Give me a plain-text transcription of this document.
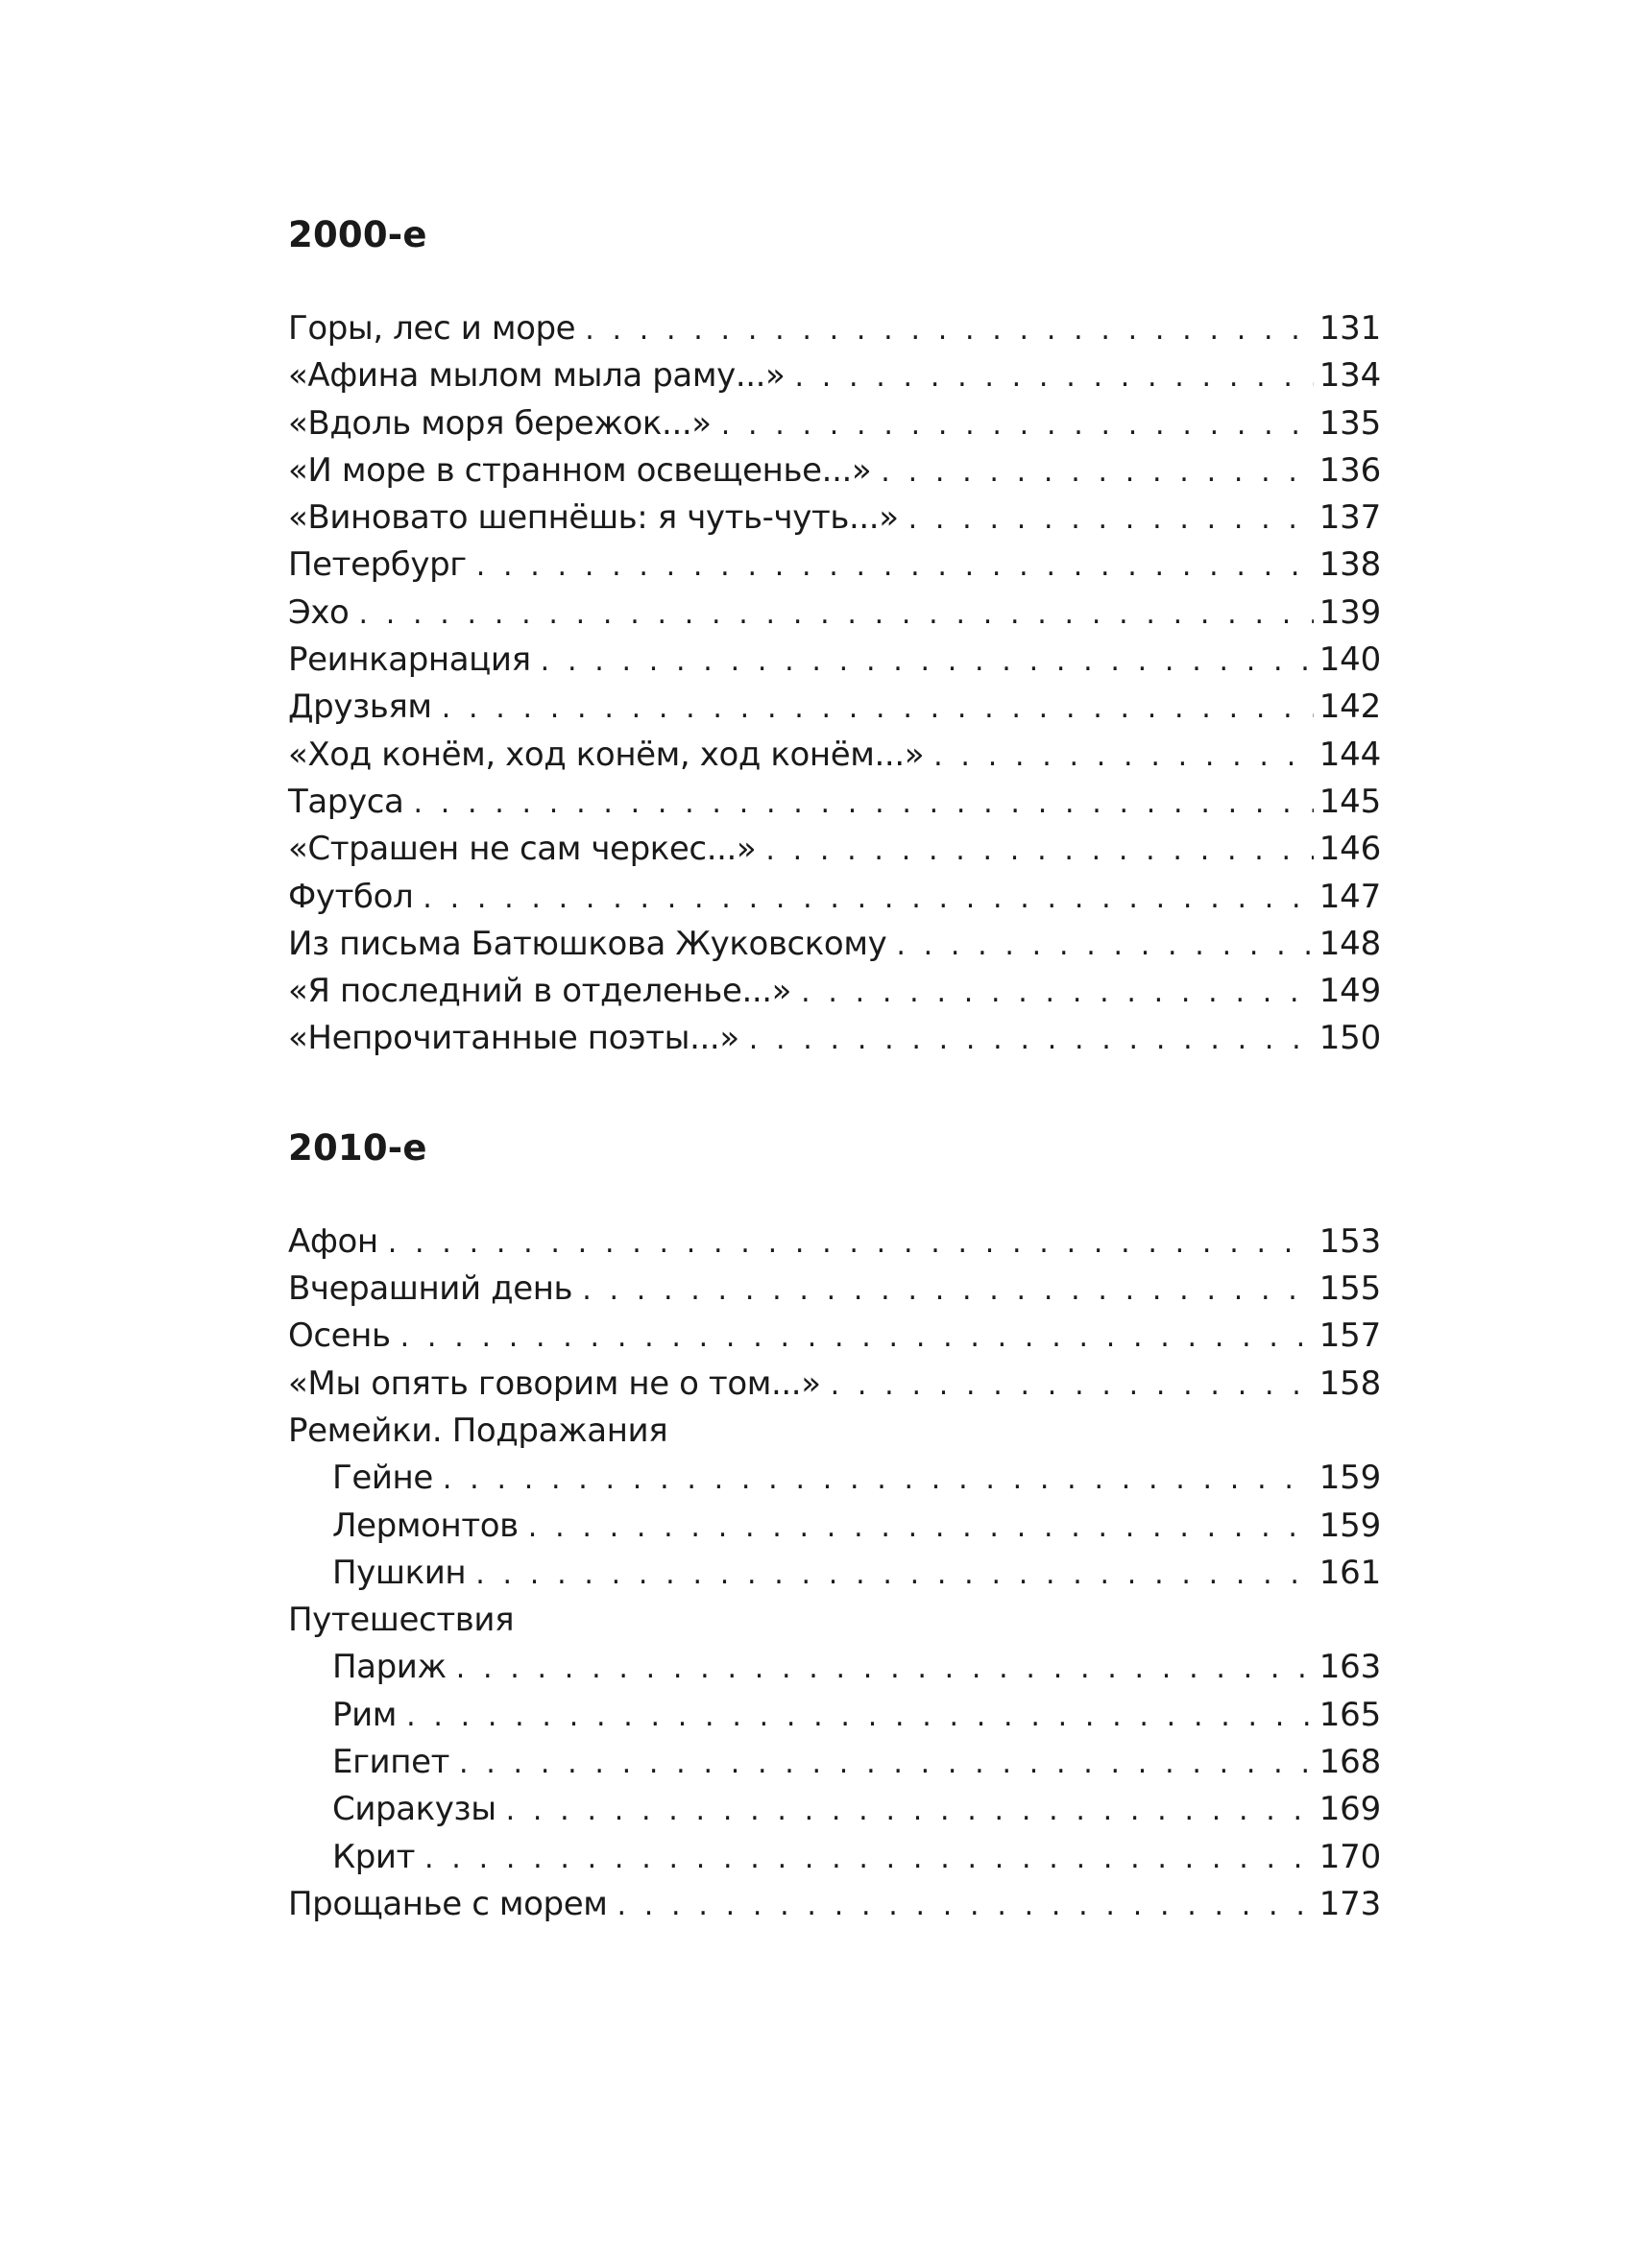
2000-е
Горы, лес и море . . .	131
«Афина мылом мыла раму...» . . .	134
«Вдоль моря бережок...» . . .	135
«И море в странном освещенье...» . . .	136
«Виновато шепнёшь: я чуть-чуть...» . . .	137
Петербург . . .	138
Эхо . . .	139
Реинкарнация . . .	140
Друзьям . . .	142
«Ход конём, ход конём, ход конём...» . . .	144
Таруса . . .	145
«Страшен не сам черкес...» . . .	146
Футбол . . .	147
Из письма Батюшкова Жуковскому . . .	148
«Я последний в отделенье...» . . .	149
«Непрочитанные поэты...» . . .	150
2010-е
Афон . . .	153
Вчерашний день . . .	155
Осень . . .	157
«Мы опять говорим не о том...» . . .	158
Ремейки. Подражания
Гейне . . .	159
Лермонтов . . .	159
Пушкин . . .	161
Путешествия
Париж . . .	163
Рим . . .	165
Египет . . .	168
Сиракузы . . .	169
Крит . . .	170
Прощанье с морем . . .	173
